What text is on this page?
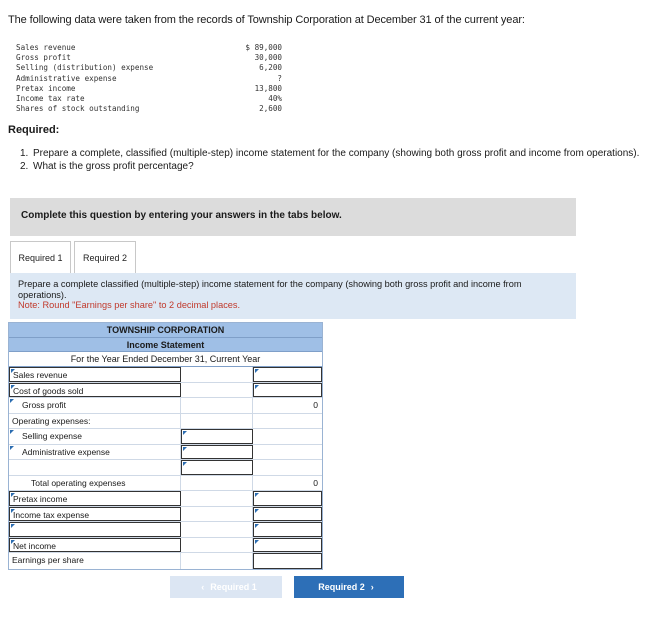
The following data were taken from the records of Township Corporation at December 31 of the current year:
Sales revenue	$ 89,000
Gross profit	30,000
Selling (distribution) expense	6,200
Administrative expense	?
Pretax income	13,800
Income tax rate	40%
Shares of stock outstanding	2,600
Required:
1. Prepare a complete, classified (multiple-step) income statement for the company (showing both gross profit and income from operations).
2. What is the gross profit percentage?
Complete this question by entering your answers in the tabs below.
Required 1	Required 2
Prepare a complete classified (multiple-step) income statement for the company (showing both gross profit and income from operations).
Note: Round "Earnings per share" to 2 decimal places.
TOWNSHIP CORPORATION
Income Statement
For the Year Ended December 31, Current Year
Sales revenue
Cost of goods sold
Gross profit	0
Operating expenses:
Selling expense
Administrative expense
Total operating expenses	0
Pretax income
Income tax expense
Net income
Earnings per share
‹ Required 1	Required 2 ›
